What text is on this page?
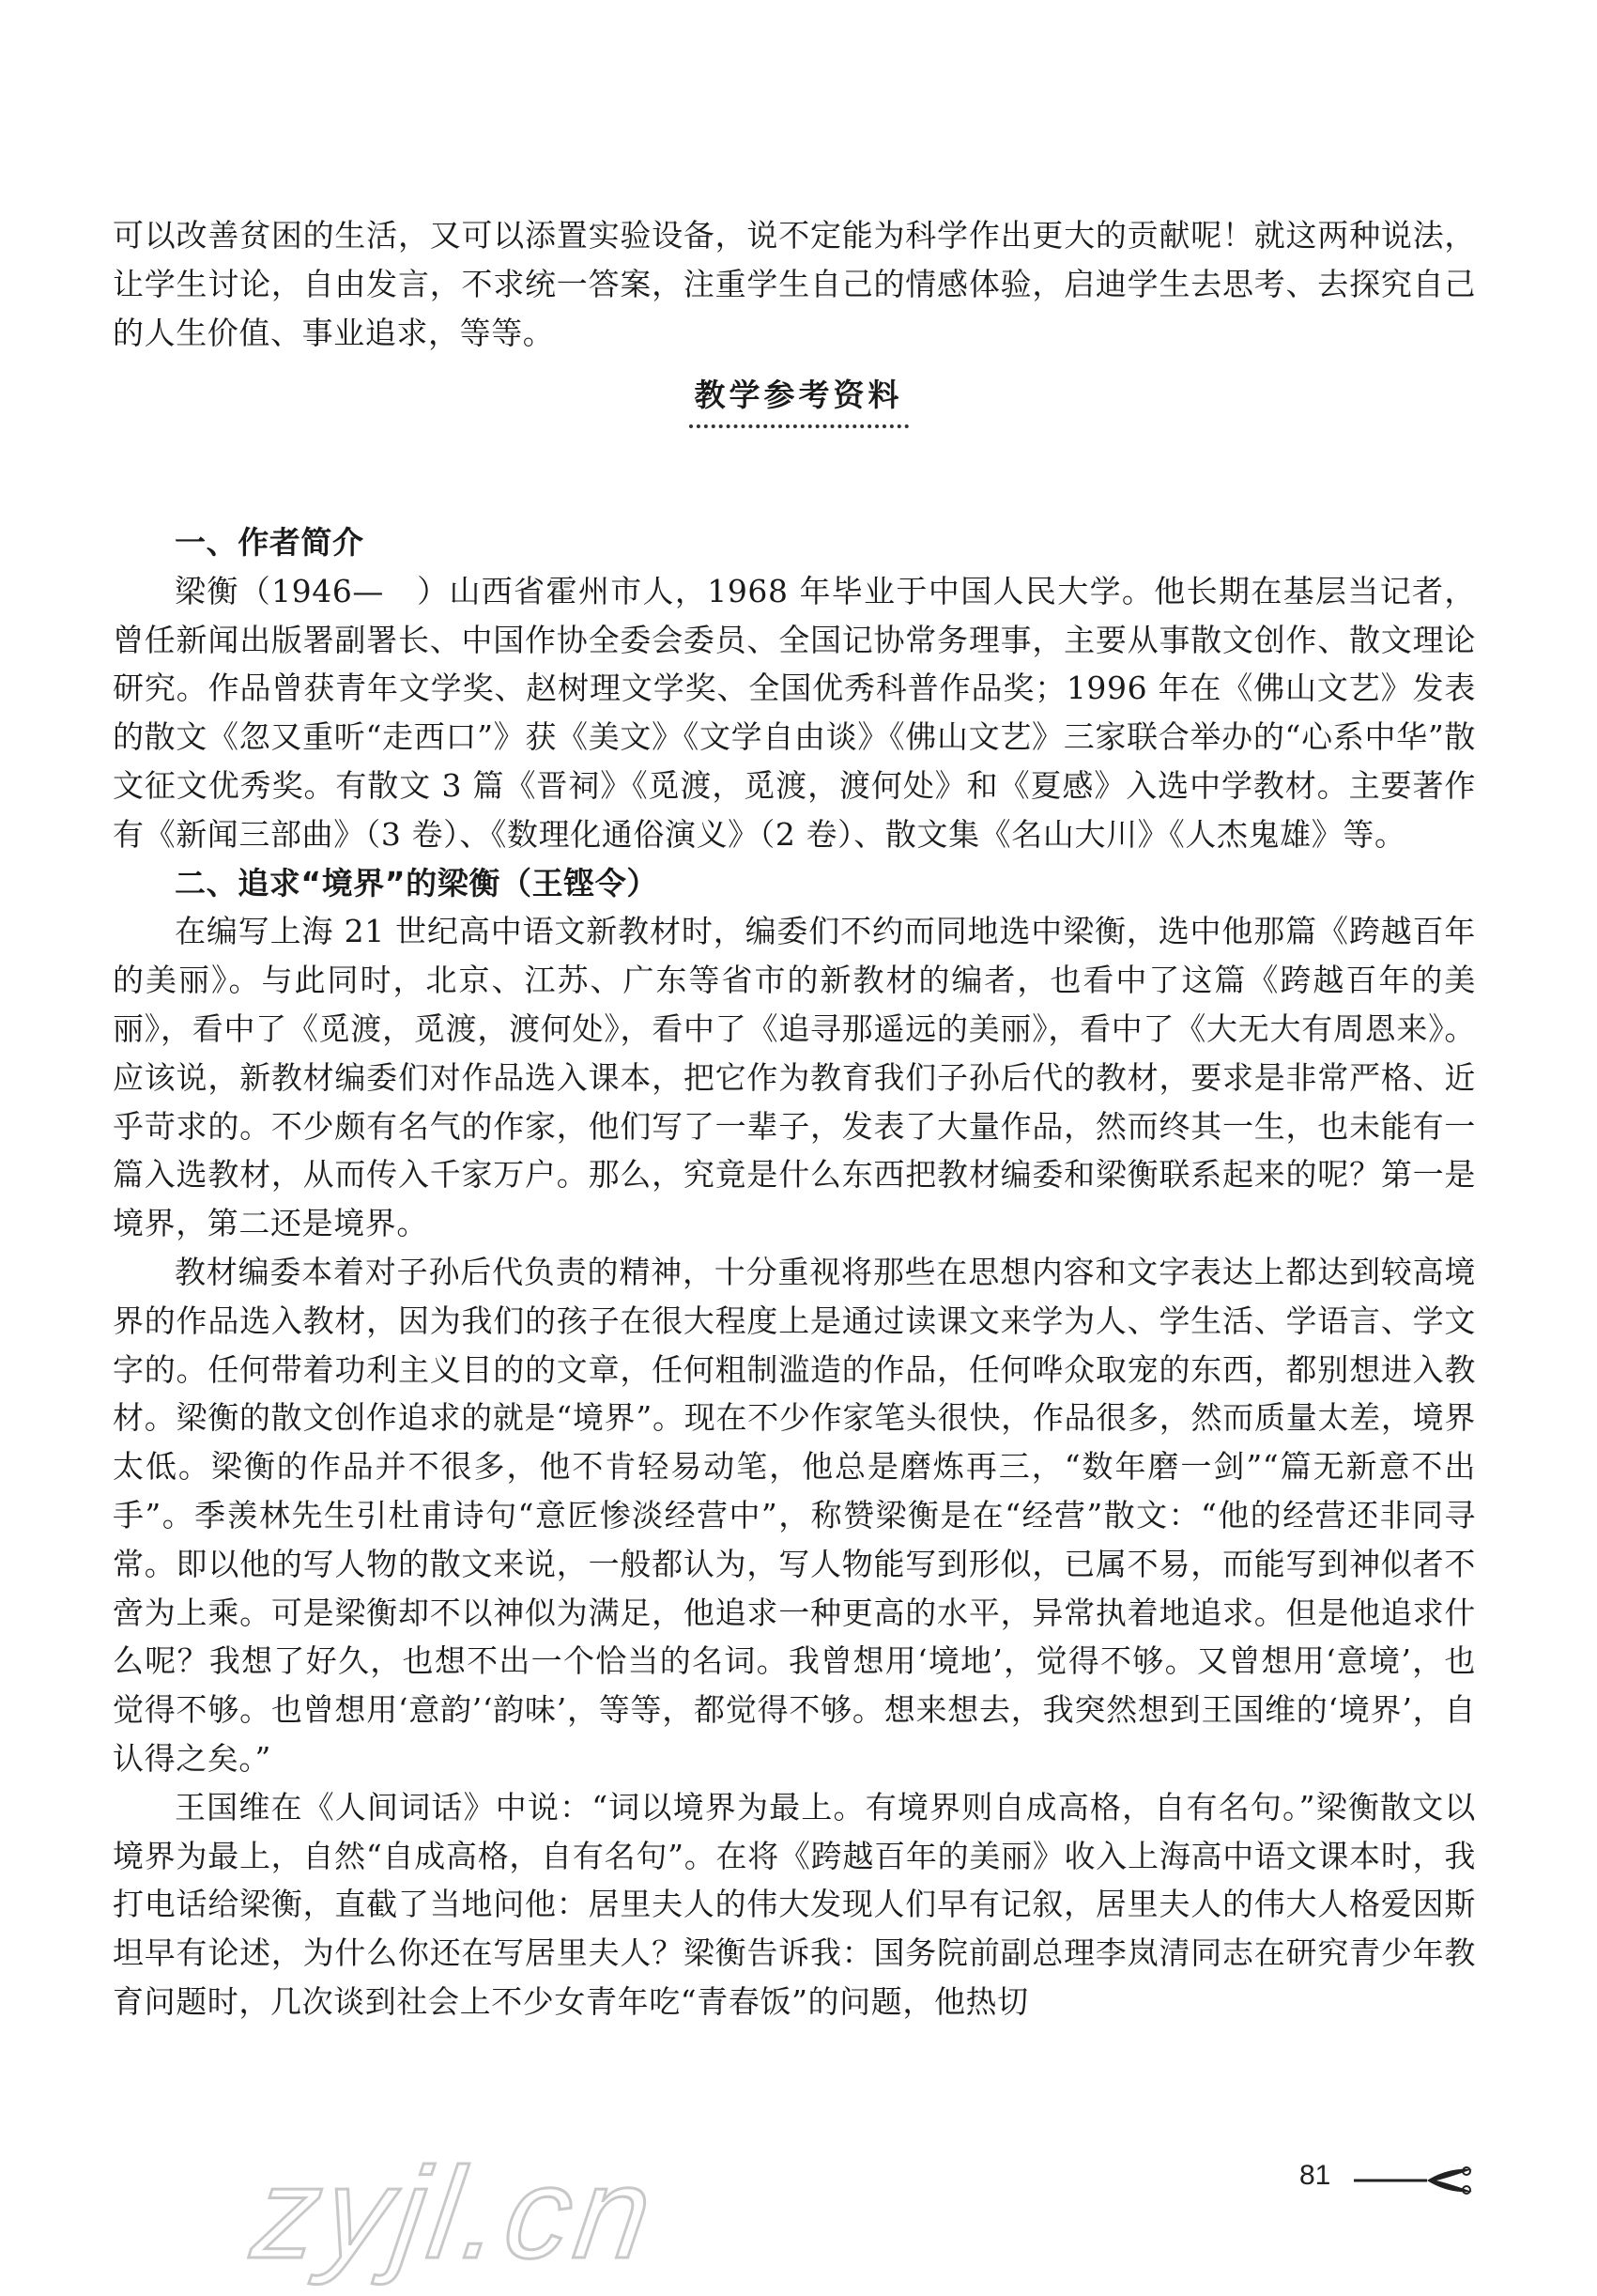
可以改善贫困的生活，又可以添置实验设备，说不定能为科学作出更大的贡献呢！就这两种说法，让学生讨论，自由发言，不求统一答案，注重学生自己的情感体验，启迪学生去思考、去探究自己的人生价值、事业追求，等等。

教学参考资料

一、作者简介

梁衡（1946—　）山西省霍州市人，1968 年毕业于中国人民大学。他长期在基层当记者，曾任新闻出版署副署长、中国作协全委会委员、全国记协常务理事，主要从事散文创作、散文理论研究。作品曾获青年文学奖、赵树理文学奖、全国优秀科普作品奖；1996 年在《佛山文艺》发表的散文《忽又重听“走西口”》获《美文》《文学自由谈》《佛山文艺》三家联合举办的“心系中华”散文征文优秀奖。有散文 3 篇《晋祠》《觅渡，觅渡，渡何处》和《夏感》入选中学教材。主要著作有《新闻三部曲》（3 卷）、《数理化通俗演义》（2 卷）、散文集《名山大川》《人杰鬼雄》等。

二、追求“境界”的梁衡（王铿令）

在编写上海 21 世纪高中语文新教材时，编委们不约而同地选中梁衡，选中他那篇《跨越百年的美丽》。与此同时，北京、江苏、广东等省市的新教材的编者，也看中了这篇《跨越百年的美丽》，看中了《觅渡，觅渡，渡何处》，看中了《追寻那遥远的美丽》，看中了《大无大有周恩来》。应该说，新教材编委们对作品选入课本，把它作为教育我们子孙后代的教材，要求是非常严格、近乎苛求的。不少颇有名气的作家，他们写了一辈子，发表了大量作品，然而终其一生，也未能有一篇入选教材，从而传入千家万户。那么，究竟是什么东西把教材编委和梁衡联系起来的呢？第一是境界，第二还是境界。

教材编委本着对子孙后代负责的精神，十分重视将那些在思想内容和文字表达上都达到较高境界的作品选入教材，因为我们的孩子在很大程度上是通过读课文来学为人、学生活、学语言、学文字的。任何带着功利主义目的的文章，任何粗制滥造的作品，任何哗众取宠的东西，都别想进入教材。梁衡的散文创作追求的就是“境界”。现在不少作家笔头很快，作品很多，然而质量太差，境界太低。梁衡的作品并不很多，他不肯轻易动笔，他总是磨炼再三，“数年磨一剑”“篇无新意不出手”。季羡林先生引杜甫诗句“意匠惨淡经营中”，称赞梁衡是在“经营”散文：“他的经营还非同寻常。即以他的写人物的散文来说，一般都认为，写人物能写到形似，已属不易，而能写到神似者不啻为上乘。可是梁衡却不以神似为满足，他追求一种更高的水平，异常执着地追求。但是他追求什么呢？我想了好久，也想不出一个恰当的名词。我曾想用‘境地’，觉得不够。又曾想用‘意境’，也觉得不够。也曾想用‘意韵’‘韵味’，等等，都觉得不够。想来想去，我突然想到王国维的‘境界’，自认得之矣。”

王国维在《人间词话》中说：“词以境界为最上。有境界则自成高格，自有名句。”梁衡散文以境界为最上，自然“自成高格，自有名句”。在将《跨越百年的美丽》收入上海高中语文课本时，我打电话给梁衡，直截了当地问他：居里夫人的伟大发现人们早有记叙，居里夫人的伟大人格爱因斯坦早有论述，为什么你还在写居里夫人？梁衡告诉我：国务院前副总理李岚清同志在研究青少年教育问题时，几次谈到社会上不少女青年吃“青春饭”的问题，他热切

81
zyjl.cn
